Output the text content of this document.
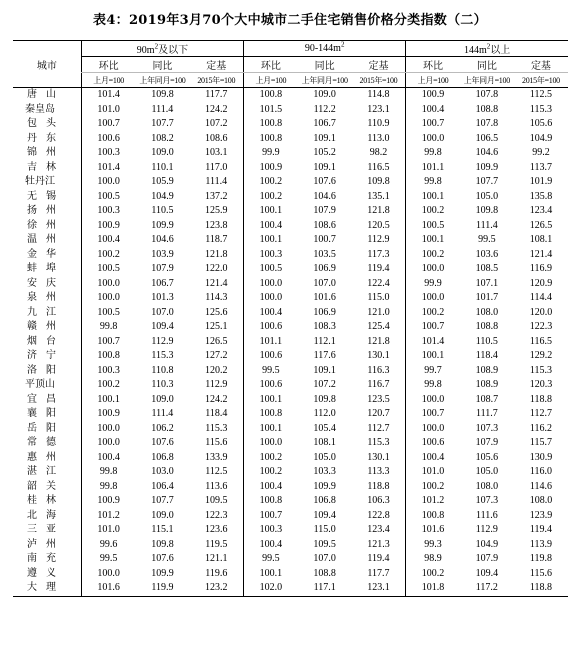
表4：2019年3月70个大中城市二手住宅销售价格分类指数（二）
城市	$90m^2$及以下			$90-144m^2$			$144m^2$以上		
	环比	同比	定基	环比	同比	定基	环比	同比	定基
	上月=100	上年同月=100	2015年=100	上月=100	上年同月=100	2015年=100	上月=100	上年同月=100	2015年=100
唐山	101.4	109.8	117.7	100.8	109.0	114.8	100.9	107.8	112.5
秦皇岛	101.0	111.4	124.2	101.5	112.2	123.1	100.4	108.8	115.3
包头	100.7	107.7	107.2	100.8	106.7	110.9	100.7	107.8	105.6
丹东	100.6	108.2	108.6	100.8	109.1	113.0	100.0	106.5	104.9
锦州	100.3	109.0	103.1	99.9	105.2	98.2	99.8	104.6	99.2
吉林	101.4	110.1	117.0	100.9	109.1	116.5	101.1	109.9	113.7
牡丹江	100.0	105.9	111.4	100.2	107.6	109.8	99.8	107.7	101.9
无锡	100.5	104.9	137.2	100.2	104.6	135.1	100.1	105.0	135.8
扬州	100.3	110.5	125.9	100.1	107.9	121.8	100.2	109.8	123.4
徐州	100.9	109.9	123.8	100.4	108.6	120.5	100.5	111.4	126.5
温州	100.4	104.6	118.7	100.1	100.7	112.9	100.1	99.5	108.1
金华	100.2	103.9	121.8	100.3	103.5	117.3	100.2	103.6	121.4
蚌埠	100.5	107.9	122.0	100.5	106.9	119.4	100.0	108.5	116.9
安庆	100.0	106.7	121.4	100.0	107.0	122.4	99.9	107.1	120.9
泉州	100.0	101.3	114.3	100.0	101.6	115.0	100.0	101.7	114.4
九江	100.5	107.0	125.6	100.4	106.9	121.0	100.2	108.0	120.0
赣州	99.8	109.4	125.1	100.6	108.3	125.4	100.7	108.8	122.3
烟台	100.7	112.9	126.5	101.1	112.1	121.8	101.4	110.5	116.5
济宁	100.8	115.3	127.2	100.6	117.6	130.1	100.1	118.4	129.2
洛阳	100.3	110.8	120.2	99.5	109.1	116.3	99.7	108.9	115.3
平顶山	100.2	110.3	112.9	100.6	107.2	116.7	99.8	108.9	120.3
宜昌	100.1	109.0	124.2	100.1	109.8	123.5	100.0	108.7	118.8
襄阳	100.9	111.4	118.4	100.8	112.0	120.7	100.7	111.7	112.7
岳阳	100.0	106.2	115.3	100.1	105.4	112.7	100.0	107.3	116.2
常德	100.0	107.6	115.6	100.0	108.1	115.3	100.6	107.9	115.7
惠州	100.4	106.8	133.9	100.2	105.0	130.1	100.4	105.6	130.9
湛江	99.8	103.0	112.5	100.2	103.3	113.3	101.0	105.0	116.0
韶关	99.8	106.4	113.6	100.4	109.9	118.8	100.2	108.0	114.6
桂林	100.9	107.7	109.5	100.8	106.8	106.3	101.2	107.3	108.0
北海	101.2	109.0	122.3	100.7	109.4	122.8	100.8	111.6	123.9
三亚	101.0	115.1	123.6	100.3	115.0	123.4	101.6	112.9	119.4
泸州	99.6	109.8	119.5	100.4	109.5	121.3	99.3	104.9	113.9
南充	99.5	107.6	121.1	99.5	107.0	119.4	98.9	107.9	119.8
遵义	100.0	109.9	119.6	100.1	108.8	117.7	100.2	109.4	115.6
大理	101.6	119.9	123.2	102.0	117.1	123.1	101.8	117.2	118.8
